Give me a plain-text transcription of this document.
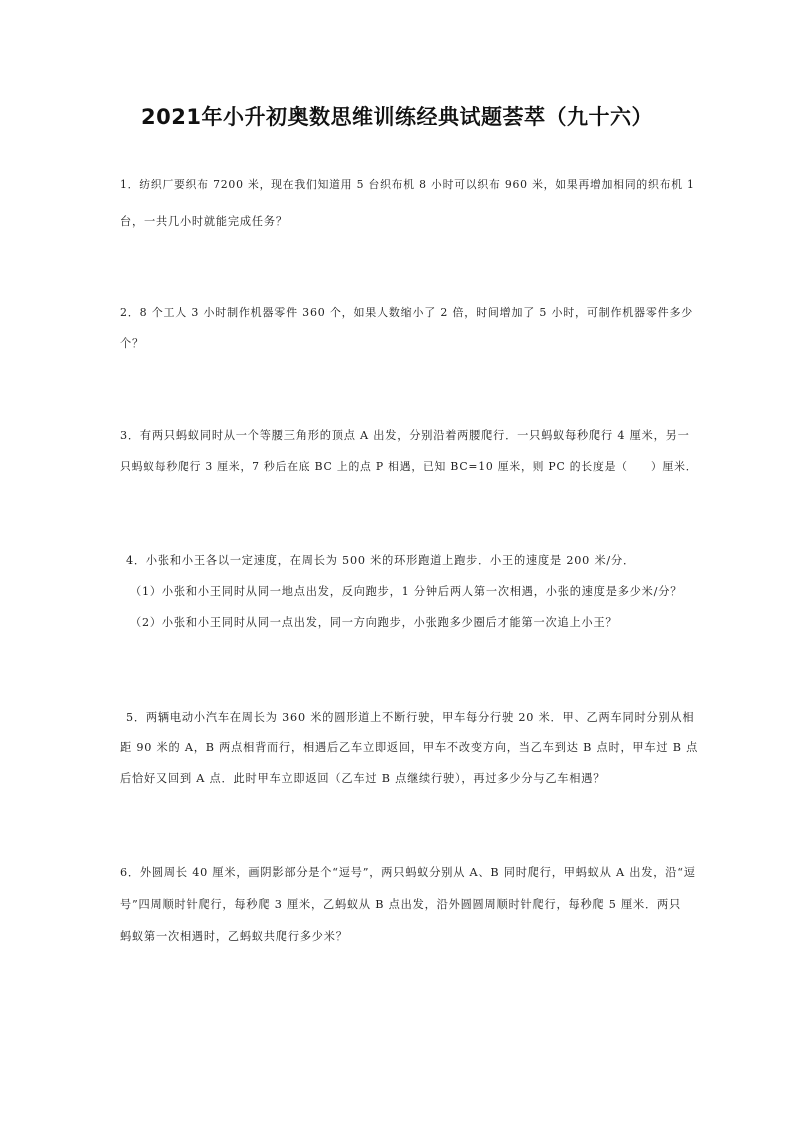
2021年小升初奥数思维训练经典试题荟萃（九十六）
1．纺织厂要织布 7200 米，现在我们知道用 5 台织布机 8 小时可以织布 960 米，如果再增加相同的织布机 1
台，一共几小时就能完成任务？
2．8 个工人 3 小时制作机器零件 360 个，如果人数缩小了 2 倍，时间增加了 5 小时，可制作机器零件多少
个？
3．有两只蚂蚁同时从一个等腰三角形的顶点 A 出发，分别沿着两腰爬行．一只蚂蚁每秒爬行 4 厘米，另一
只蚂蚁每秒爬行 3 厘米，7 秒后在底 BC 上的点 P 相遇，已知 BC=10 厘米，则 PC 的长度是（　　）厘米．
4．小张和小王各以一定速度，在周长为 500 米的环形跑道上跑步．小王的速度是 200 米/分．
（1）小张和小王同时从同一地点出发，反向跑步，1 分钟后两人第一次相遇，小张的速度是多少米/分？
（2）小张和小王同时从同一点出发，同一方向跑步，小张跑多少圈后才能第一次追上小王？
5．两辆电动小汽车在周长为 360 米的圆形道上不断行驶，甲车每分行驶 20 米．甲、乙两车同时分别从相
距 90 米的 A，B 两点相背而行，相遇后乙车立即返回，甲车不改变方向，当乙车到达 B 点时，甲车过 B 点
后恰好又回到 A 点．此时甲车立即返回（乙车过 B 点继续行驶），再过多少分与乙车相遇？
6．外圆周长 40 厘米，画阴影部分是个“逗号”，两只蚂蚁分别从 A、B 同时爬行，甲蚂蚁从 A 出发，沿“逗
号”四周顺时针爬行，每秒爬 3 厘米，乙蚂蚁从 B 点出发，沿外圆圆周顺时针爬行，每秒爬 5 厘米．两只
蚂蚁第一次相遇时，乙蚂蚁共爬行多少米？
